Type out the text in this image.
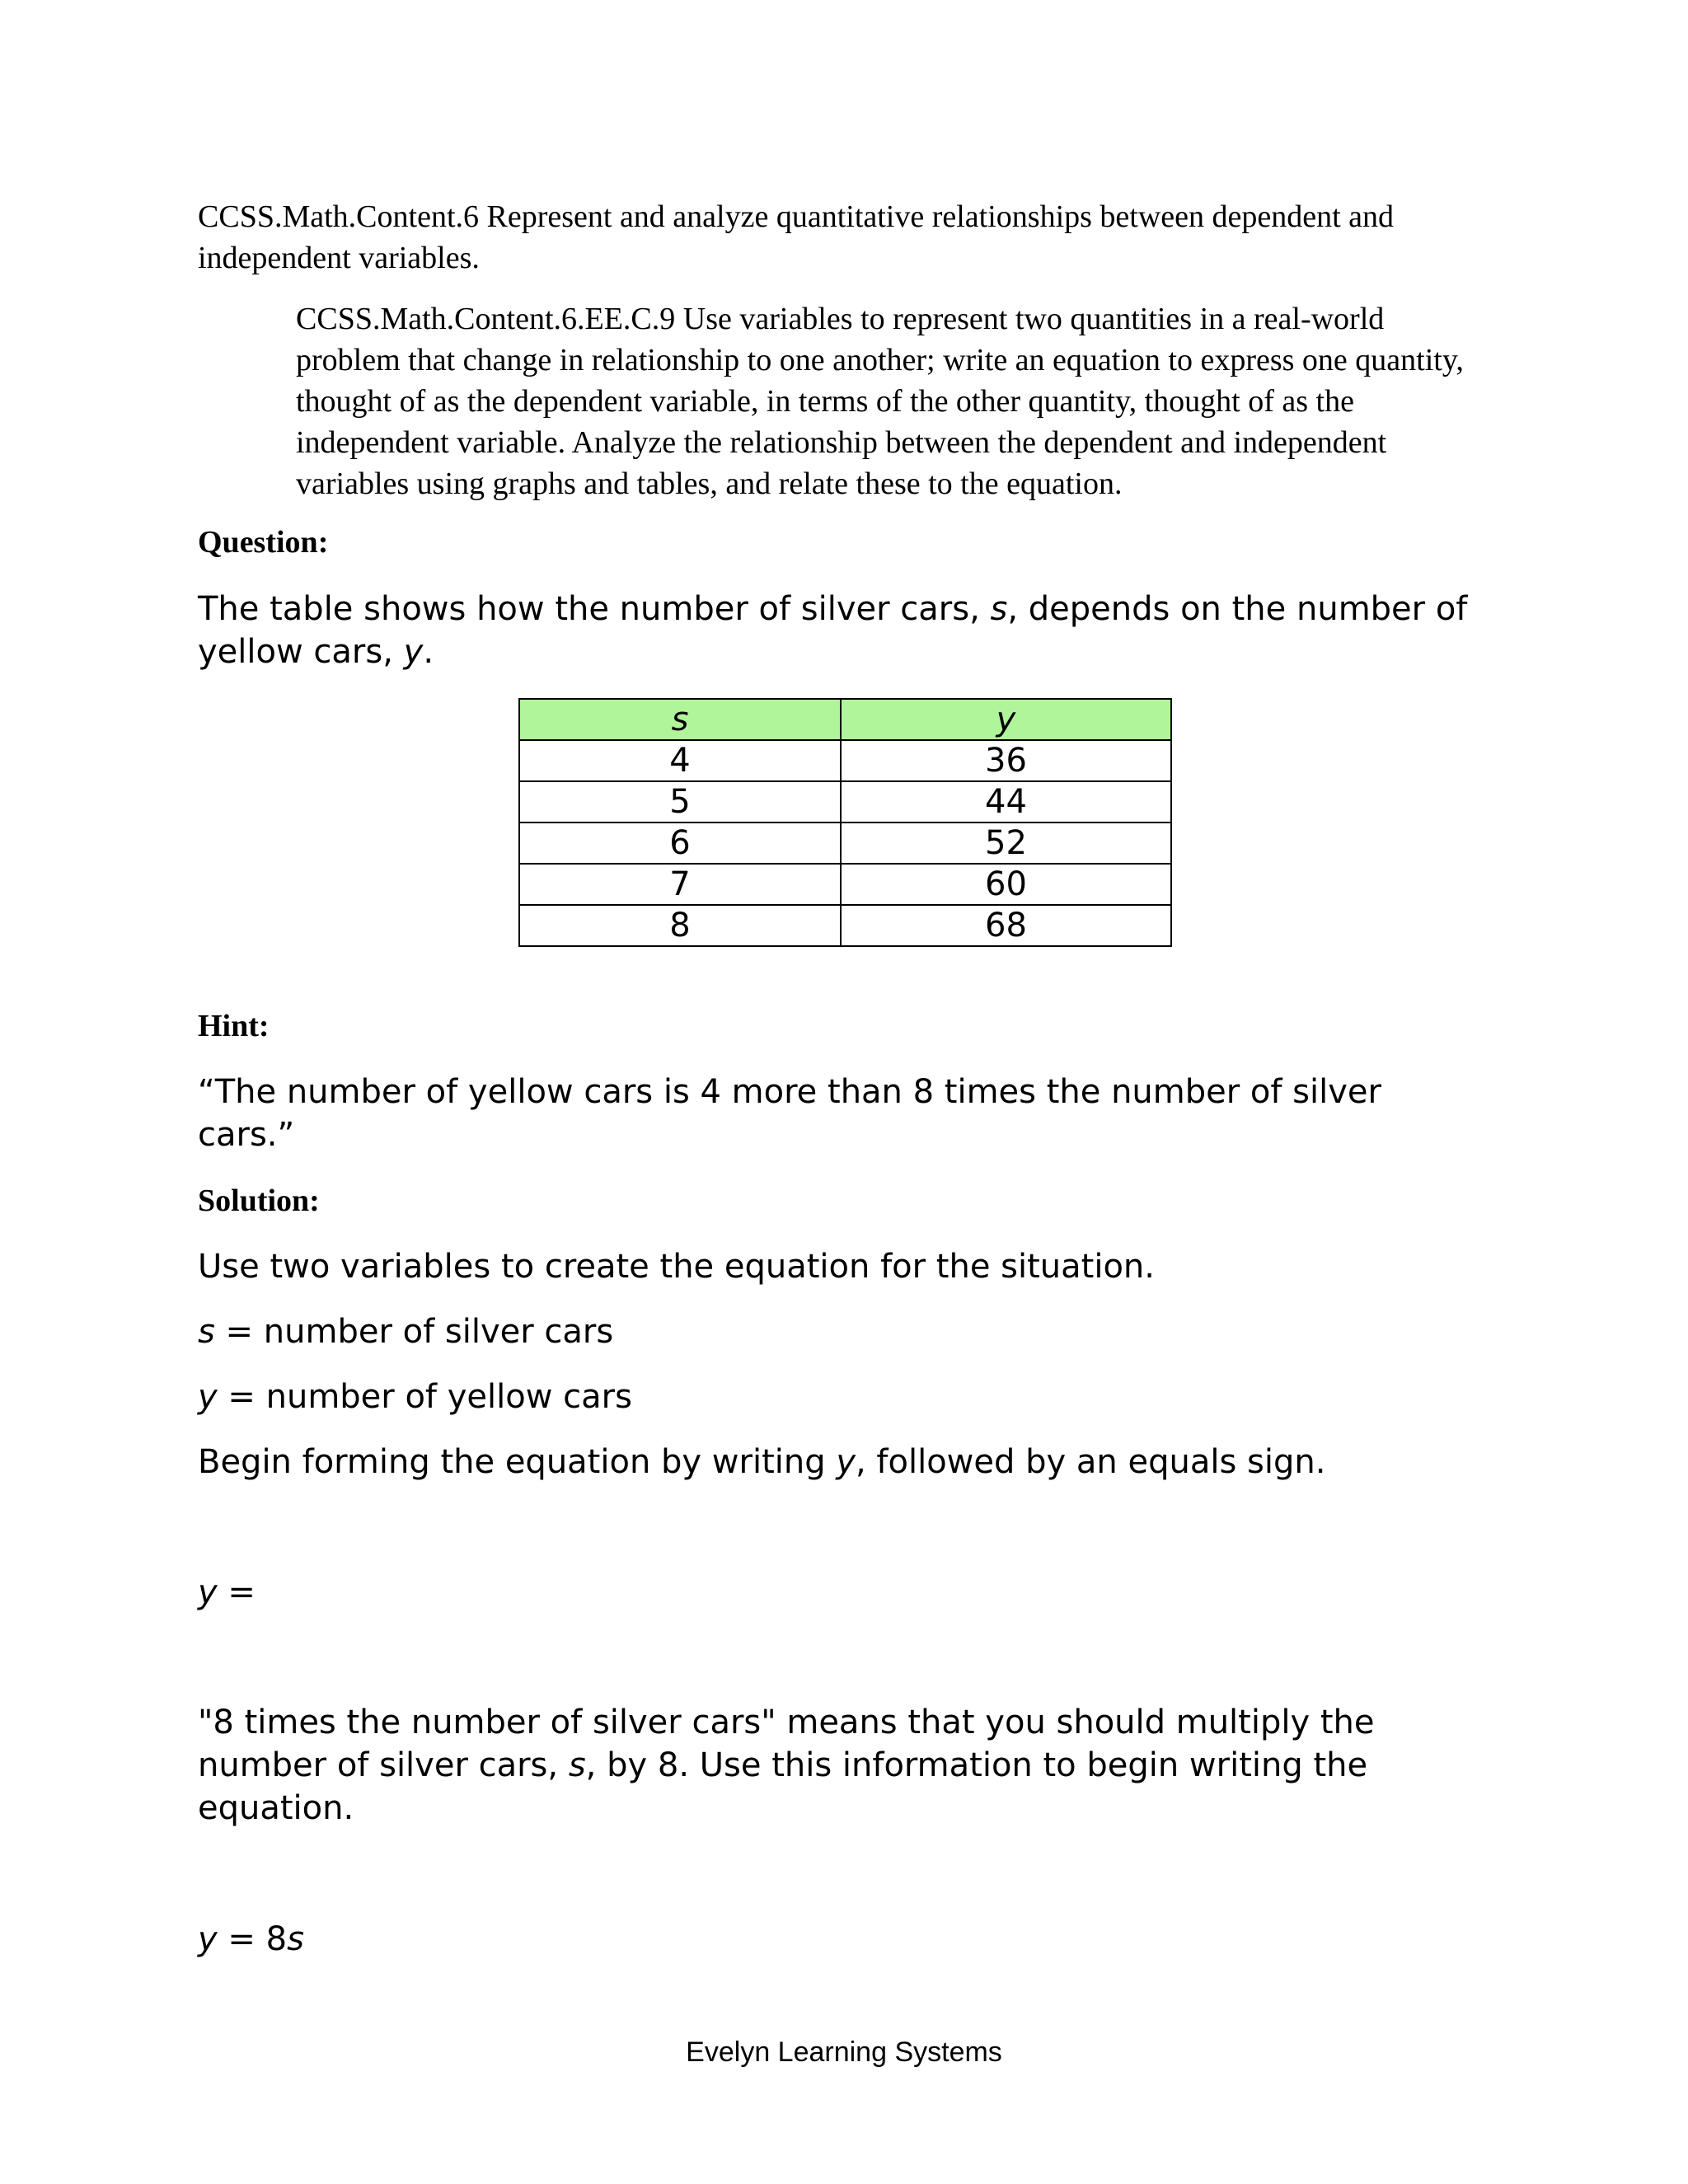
CCSS.Math.Content.6 Represent and analyze quantitative relationships between dependent and independent variables.

CCSS.Math.Content.6.EE.C.9 Use variables to represent two quantities in a real-world problem that change in relationship to one another; write an equation to express one quantity, thought of as the dependent variable, in terms of the other quantity, thought of as the independent variable. Analyze the relationship between the dependent and independent variables using graphs and tables, and relate these to the equation.

Question:

The table shows how the number of silver cars, s, depends on the number of yellow cars, y.

s	y
4	36
5	44
6	52
7	60
8	68

Hint:

“The number of yellow cars is 4 more than 8 times the number of silver cars.”

Solution:

Use two variables to create the equation for the situation.

s = number of silver cars

y = number of yellow cars

Begin forming the equation by writing y, followed by an equals sign.

y =

"8 times the number of silver cars" means that you should multiply the number of silver cars, s, by 8. Use this information to begin writing the equation.

y = 8s

Evelyn Learning Systems
